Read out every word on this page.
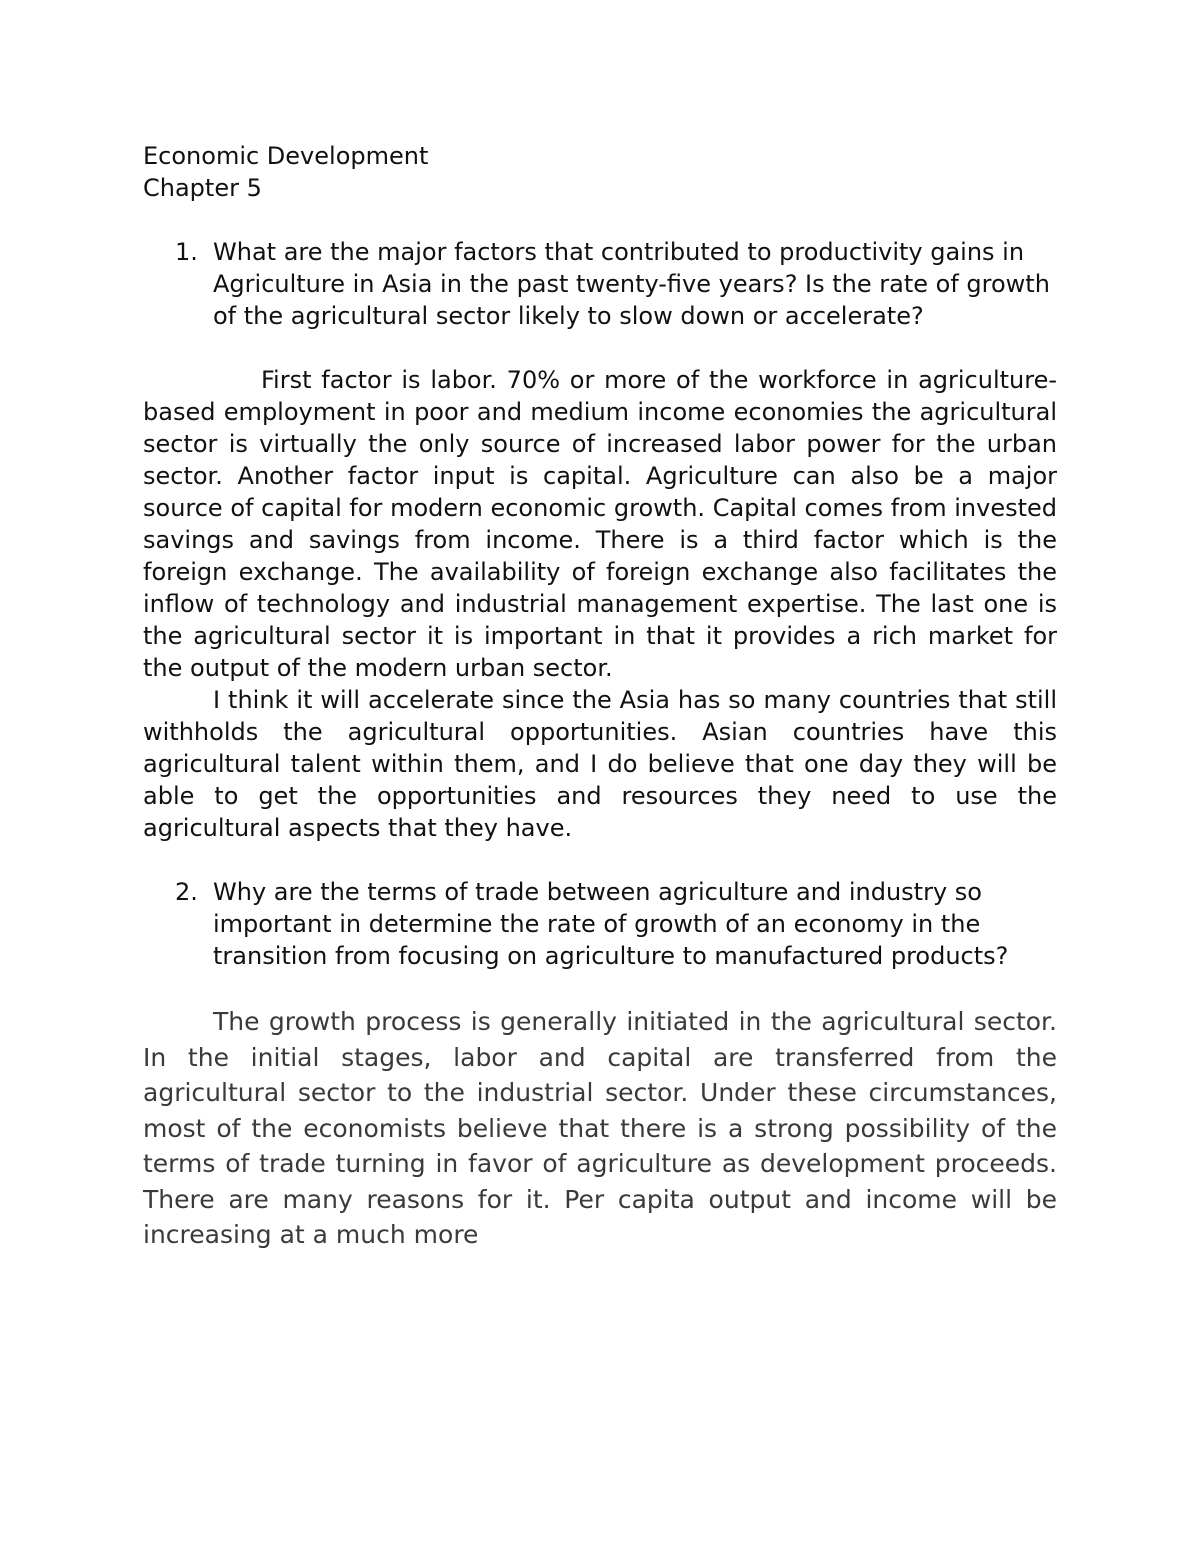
Economic Development

Chapter 5

1. What are the major factors that contributed to productivity gains in Agriculture in Asia in the past twenty-five years? Is the rate of growth of the agricultural sector likely to slow down or accelerate?

First factor is labor. 70% or more of the workforce in agriculture-based employment in poor and medium income economies the agricultural sector is virtually the only source of increased labor power for the urban sector. Another factor input is capital. Agriculture can also be a major source of capital for modern economic growth. Capital comes from invested savings and savings from income. There is a third factor which is the foreign exchange. The availability of foreign exchange also facilitates the inflow of technology and industrial management expertise. The last one is the agricultural sector it is important in that it provides a rich market for the output of the modern urban sector.

I think it will accelerate since the Asia has so many countries that still withholds the agricultural opportunities. Asian countries have this agricultural talent within them, and I do believe that one day they will be able to get the opportunities and resources they need to use the agricultural aspects that they have.

2. Why are the terms of trade between agriculture and industry so important in determine the rate of growth of an economy in the transition from focusing on agriculture to manufactured products?

The growth process is generally initiated in the agricultural sector. In the initial stages, labor and capital are transferred from the agricultural sector to the industrial sector. Under these circumstances, most of the economists believe that there is a strong possibility of the terms of trade turning in favor of agriculture as development proceeds. There are many reasons for it. Per capita output and income will be increasing at a much more
